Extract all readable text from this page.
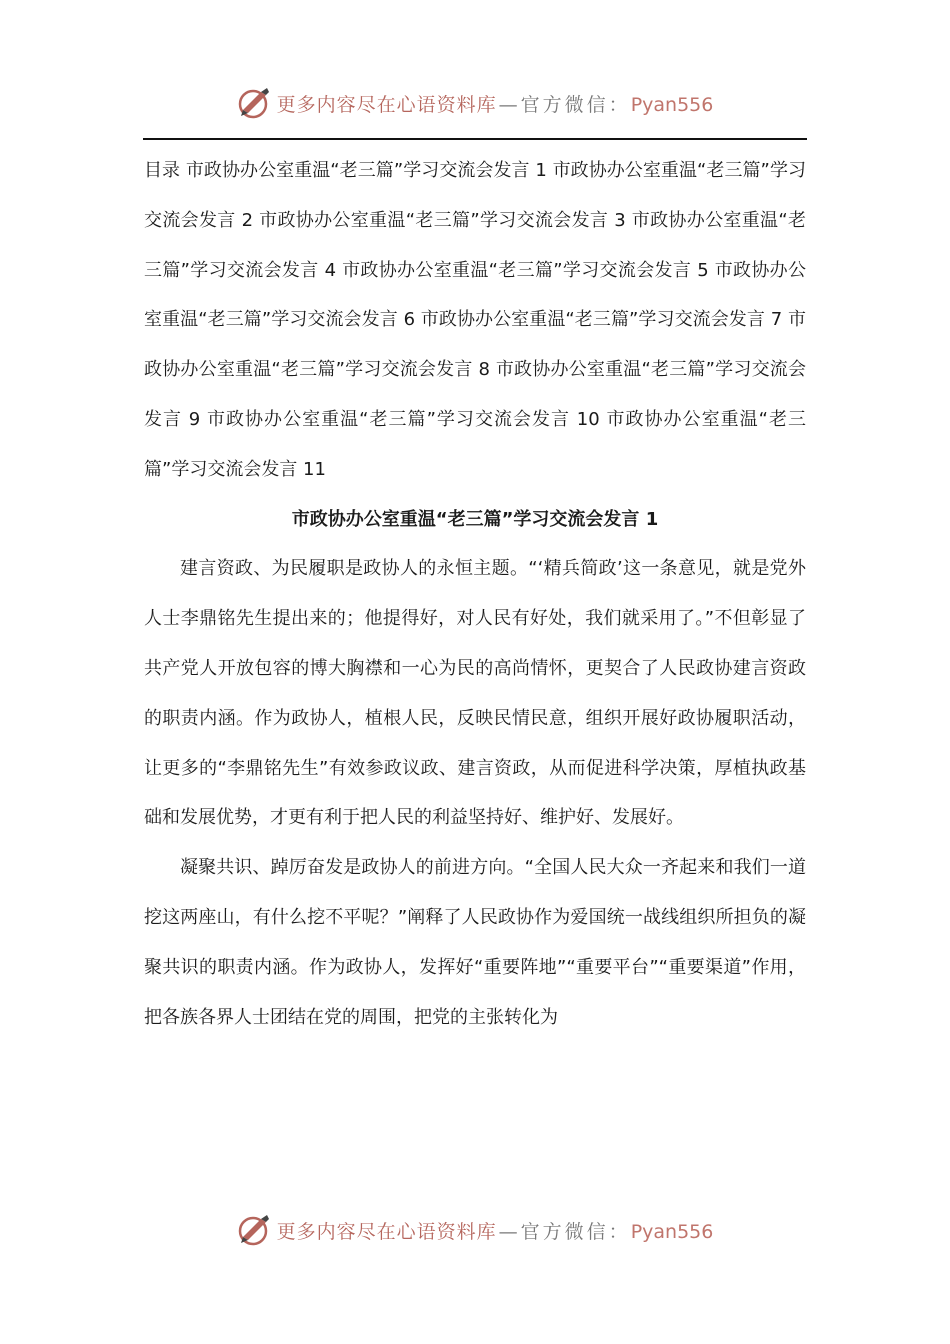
更多内容尽在心语资料库 — 官方微信：Pyan556

目录 市政协办公室重温“老三篇”学习交流会发言 1 市政协办公室重温“老三篇”学习交流会发言 2 市政协办公室重温“老三篇”学习交流会发言 3 市政协办公室重温“老三篇”学习交流会发言 4 市政协办公室重温“老三篇”学习交流会发言 5 市政协办公室重温“老三篇”学习交流会发言 6 市政协办公室重温“老三篇”学习交流会发言 7 市政协办公室重温“老三篇”学习交流会发言 8 市政协办公室重温“老三篇”学习交流会发言 9 市政协办公室重温“老三篇”学习交流会发言 10 市政协办公室重温“老三篇”学习交流会发言 11

市政协办公室重温“老三篇”学习交流会发言 1

建言资政、为民履职是政协人的永恒主题。“‘精兵简政’这一条意见，就是党外人士李鼎铭先生提出来的；他提得好，对人民有好处，我们就采用了。”不但彰显了共产党人开放包容的博大胸襟和一心为民的高尚情怀，更契合了人民政协建言资政的职责内涵。作为政协人，植根人民，反映民情民意，组织开展好政协履职活动，让更多的“李鼎铭先生”有效参政议政、建言资政，从而促进科学决策，厚植执政基础和发展优势，才更有利于把人民的利益坚持好、维护好、发展好。

凝聚共识、踔厉奋发是政协人的前进方向。“全国人民大众一齐起来和我们一道挖这两座山，有什么挖不平呢？”阐释了人民政协作为爱国统一战线组织所担负的凝聚共识的职责内涵。作为政协人，发挥好“重要阵地”“重要平台”“重要渠道”作用，把各族各界人士团结在党的周围，把党的主张转化为

更多内容尽在心语资料库 — 官方微信：Pyan556
